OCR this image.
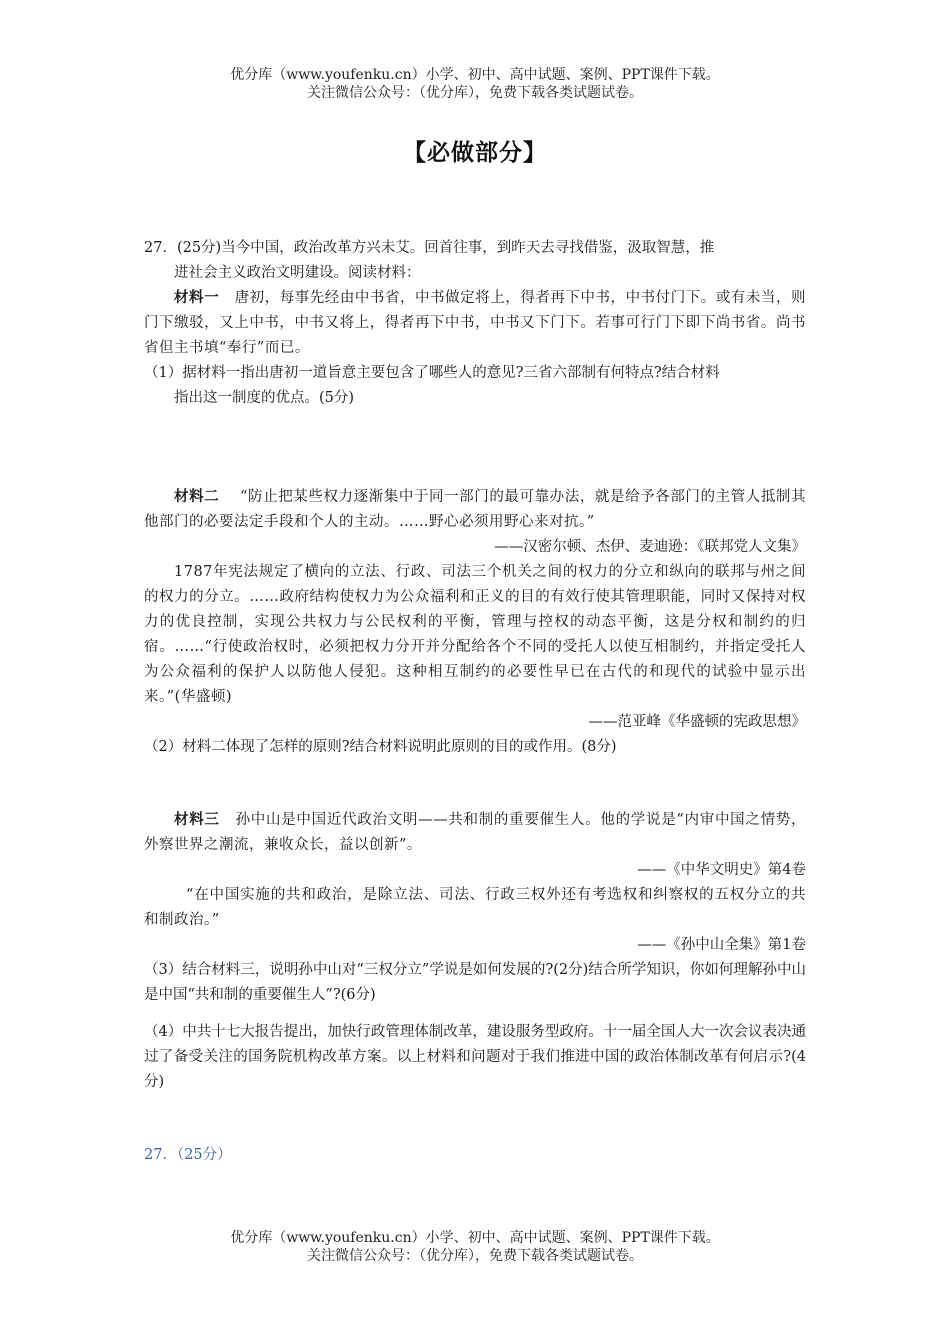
优分库（www.youfenku.cn）小学、初中、高中试题、案例、PPT课件下载。
关注微信公众号：（优分库），免费下载各类试题试卷。
【必做部分】

27．(25分)当今中国，政治改革方兴未艾。回首往事，到昨天去寻找借鉴，汲取智慧，推

进社会主义政治文明建设。阅读材料：

材料一 唐初，每事先经由中书省，中书做定将上，得者再下中书，中书付门下。或有未当，则门下缴驳，又上中书，中书又将上，得者再下中书，中书又下门下。若事可行门下即下尚书省。尚书省但主书填“奉行”而已。

（1）据材料一指出唐初一道旨意主要包含了哪些人的意见?三省六部制有何特点?结合材料

指出这一制度的优点。(5分)

材料二 “防止把某些权力逐渐集中于同一部门的最可靠办法，就是给予各部门的主管人抵制其他部门的必要法定手段和个人的主动。……野心必须用野心来对抗。”

——汉密尔顿、杰伊、麦迪逊：《联邦党人文集》

1787年宪法规定了横向的立法、行政、司法三个机关之间的权力的分立和纵向的联邦与州之间的权力的分立。……政府结构使权力为公众福利和正义的目的有效行使其管理职能，同时又保持对权力的优良控制，实现公共权力与公民权利的平衡，管理与控权的动态平衡，这是分权和制约的归宿。……“行使政治权时，必须把权力分开并分配给各个不同的受托人以使互相制约，并指定受托人为公众福利的保护人以防他人侵犯。这种相互制约的必要性早已在古代的和现代的试验中显示出来。”(华盛顿)

——范亚峰《华盛顿的宪政思想》

（2）材料二体现了怎样的原则?结合材料说明此原则的目的或作用。(8分)

材料三 孙中山是中国近代政治文明——共和制的重要催生人。他的学说是“内审中国之情势，外察世界之潮流，兼收众长，益以创新”。

——《中华文明史》第4卷

“在中国实施的共和政治，是除立法、司法、行政三权外还有考选权和纠察权的五权分立的共和制政治。”

——《孙中山全集》第1卷

（3）结合材料三，说明孙中山对“三权分立”学说是如何发展的?(2分)结合所学知识，你如何理解孙中山是中国“共和制的重要催生人”?(6分)

（4）中共十七大报告提出，加快行政管理体制改革，建设服务型政府。十一届全国人大一次会议表决通过了备受关注的国务院机构改革方案。以上材料和问题对于我们推进中国的政治体制改革有何启示?(4分)

27．（25分）

优分库（www.youfenku.cn）小学、初中、高中试题、案例、PPT课件下载。
关注微信公众号：（优分库），免费下载各类试题试卷。
